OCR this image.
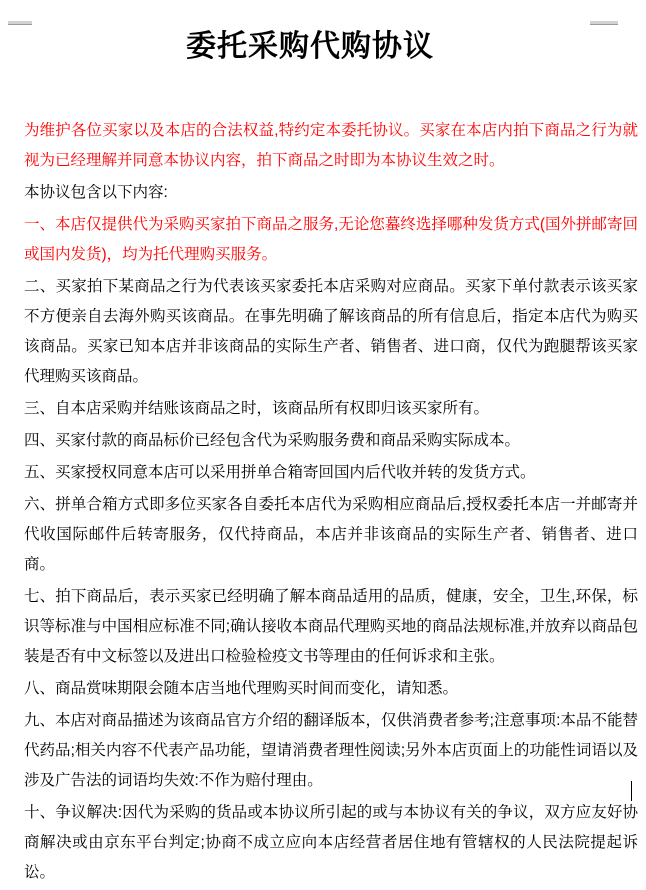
委托采购代购协议

为维护各位买家以及本店的合法权益,特约定本委托协议。买家在本店内拍下商品之行为就视为已经理解并同意本协议内容，拍下商品之时即为本协议生效之时。

本协议包含以下内容:

一、本店仅提供代为采购买家拍下商品之服务,无论您蟇终选择哪种发货方式(国外拼邮寄回或国内发货)，均为托代理购买服务。

二、买家拍下某商品之行为代表该买家委托本店采购对应商品。买家下单付款表示该买家不方便亲自去海外购买该商品。在事先明确了解该商品的所有信息后，指定本店代为购买该商品。买家已知本店并非该商品的实际生产者、销售者、进口商，仅代为跑腿帮该买家代理购买该商品。

三、自本店采购并结账该商品之时，该商品所有权即归该买家所有。

四、买家付款的商品标价已经包含代为采购服务费和商品采购实际成本。

五、买家授权同意本店可以采用拼单合箱寄回国内后代收并转的发货方式。

六、拼单合箱方式即多位买家各自委托本店代为采购相应商品后,授权委托本店一并邮寄并代收国际邮件后转寄服务，仅代持商品，本店并非该商品的实际生产者、销售者、进口商。

七、拍下商品后，表示买家已经明确了解本商品适用的品质，健康，安全，卫生,环保，标识等标准与中国相应标准不同;确认接收本商品代理购买地的商品法规标准,并放弃以商品包装是否有中文标签以及进出口检验检疫文书等理由的任何诉求和主张。

八、商品赏味期限会随本店当地代理购买时间而变化，请知悉。

九、本店对商品描述为该商品官方介绍的翻译版本，仅供消费者参考;注意事项:本品不能替代药品;相关内容不代表产品功能，望请消费者理性阅读;另外本店页面上的功能性词语以及涉及广告法的词语均失效:不作为赔付理由。

十、争议解决:因代为采购的货品或本协议所引起的或与本协议有关的争议，双方应友好协商解决或由京东平台判定;协商不成立应向本店经营者居住地有管辖权的人民法院提起诉讼。
